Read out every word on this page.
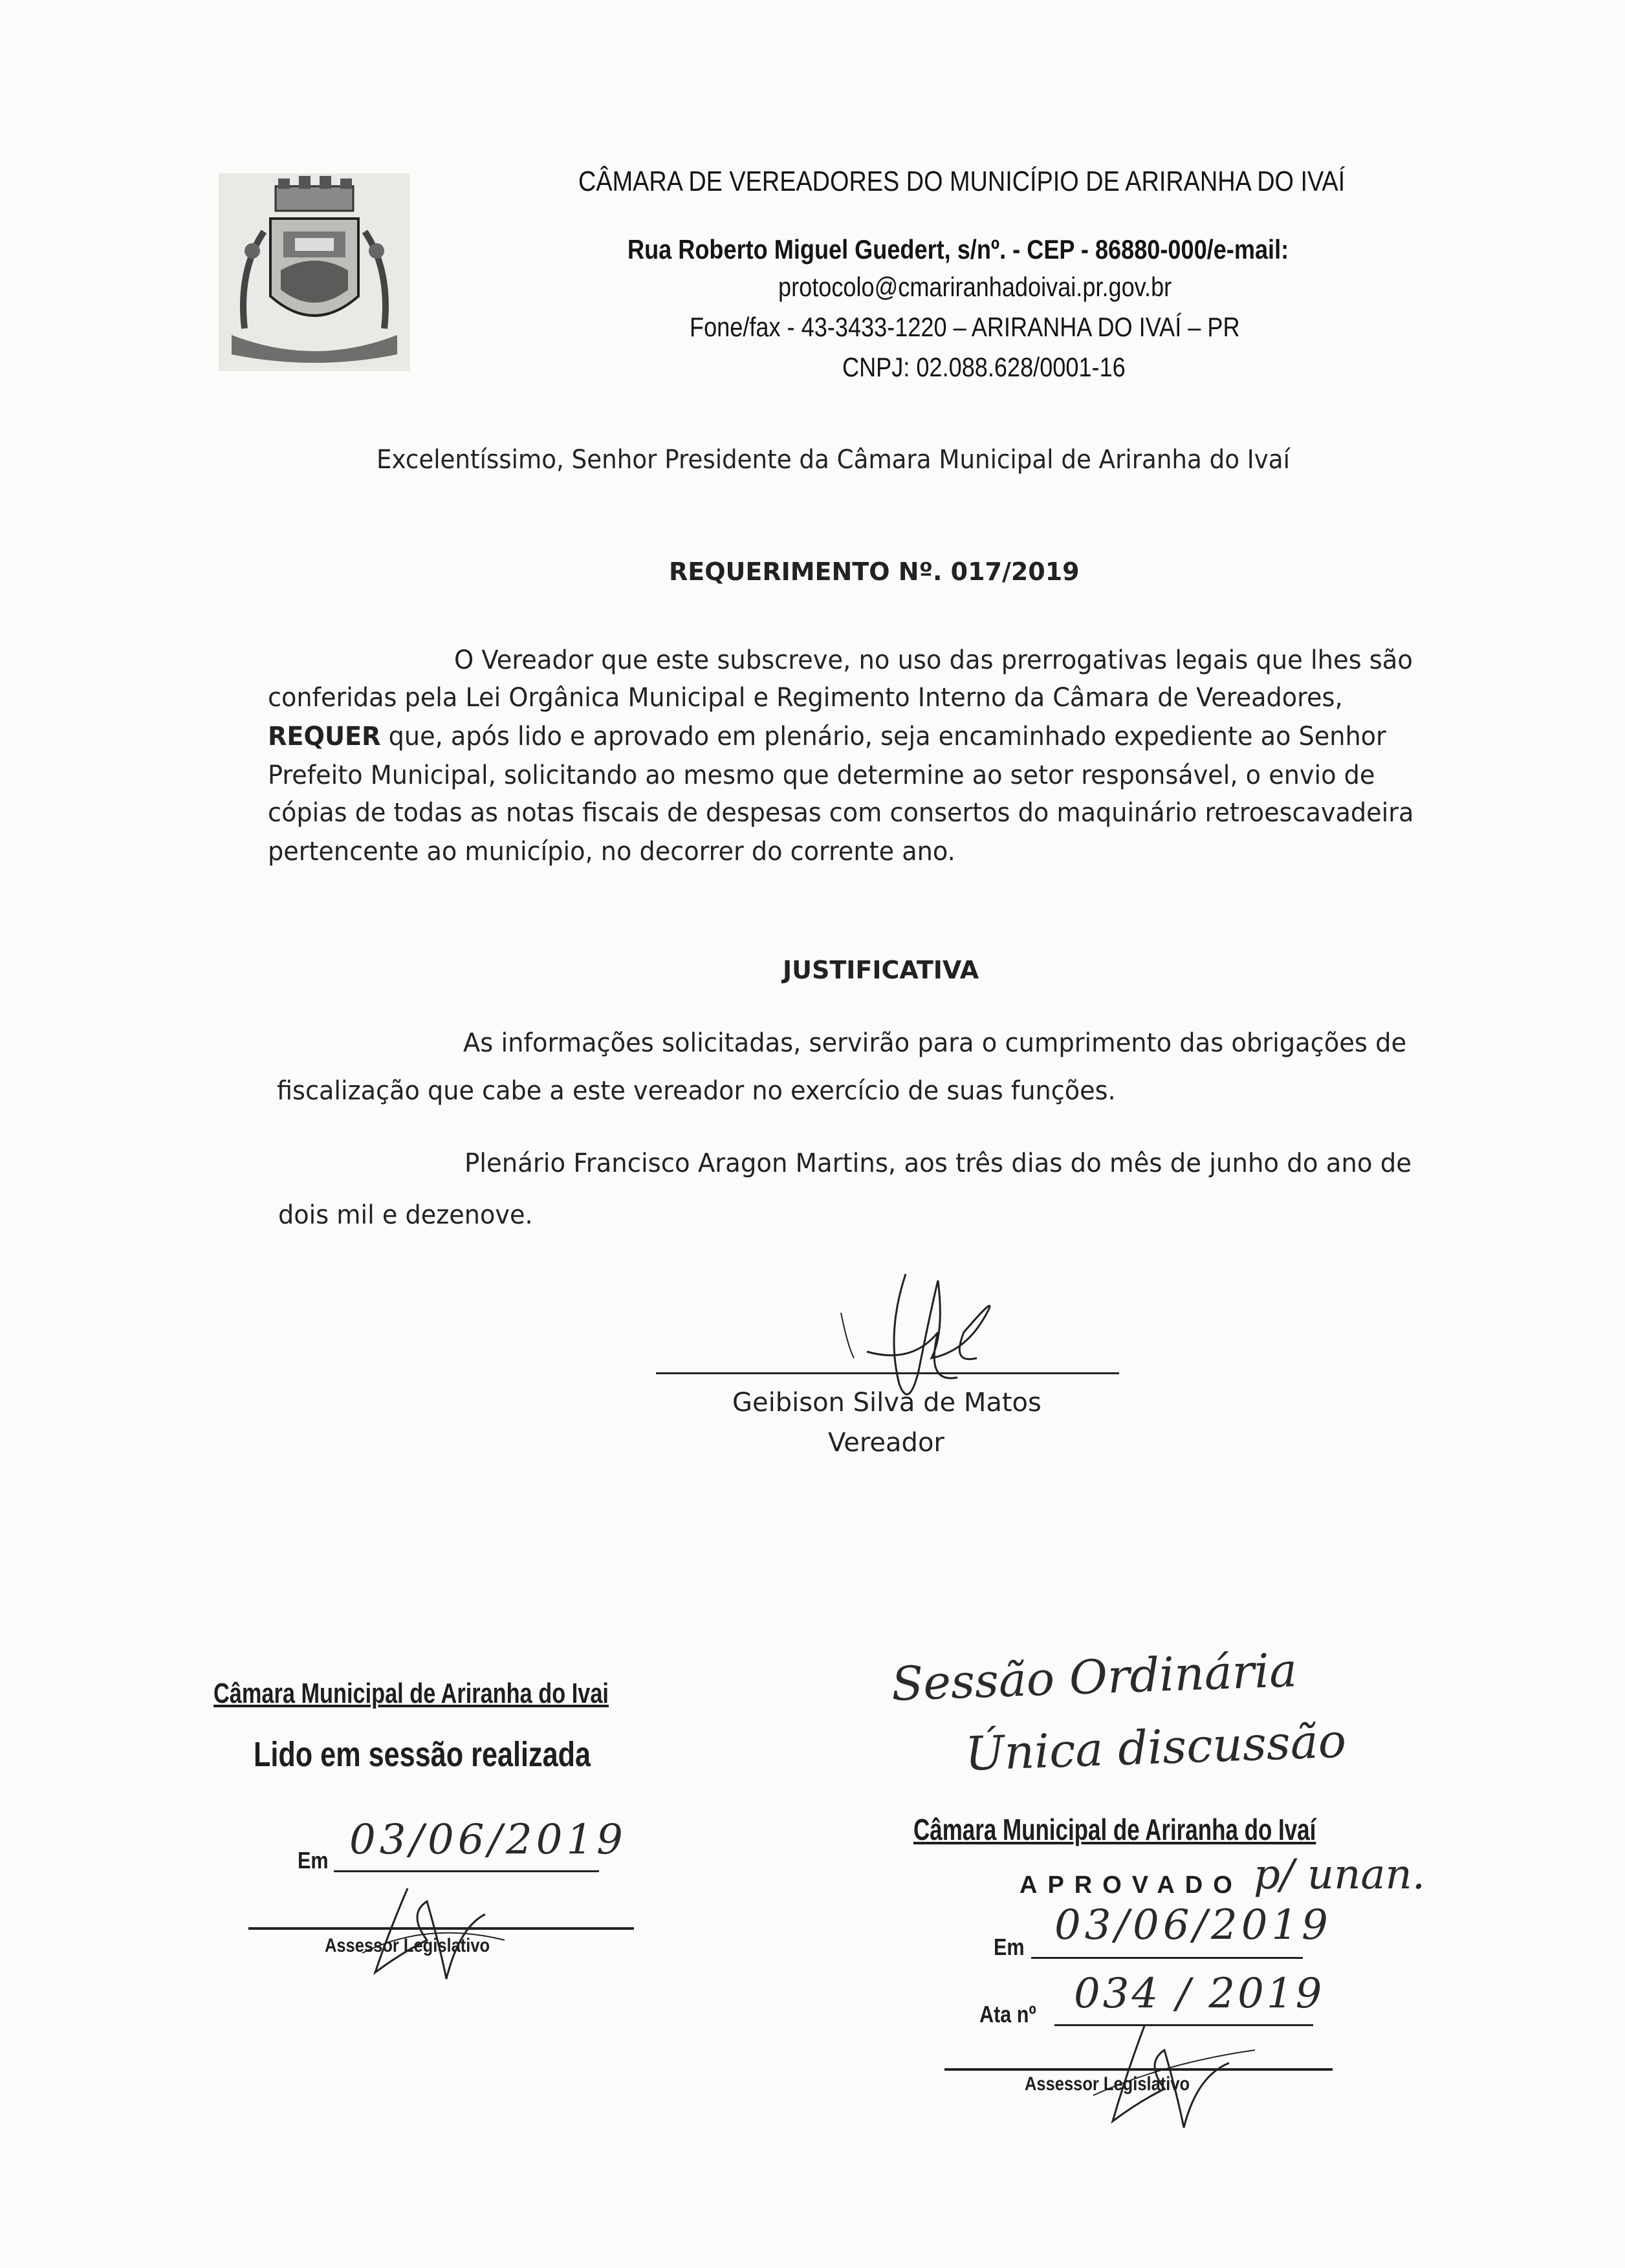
CÂMARA DE VEREADORES DO MUNICÍPIO DE ARIRANHA DO IVAÍ
Rua Roberto Miguel Guedert, s/nº. - CEP - 86880-000/e-mail:
protocolo@cmariranhadoivai.pr.gov.br
Fone/fax - 43-3433-1220 – ARIRANHA DO IVAÍ – PR
CNPJ: 02.088.628/0001-16
Excelentíssimo, Senhor Presidente da Câmara Municipal de Ariranha do Ivaí
REQUERIMENTO Nº. 017/2019
O Vereador que este subscreve, no uso das prerrogativas legais que lhes são
conferidas pela Lei Orgânica Municipal e Regimento Interno da Câmara de Vereadores,
REQUER que, após lido e aprovado em plenário, seja encaminhado expediente ao Senhor
Prefeito Municipal, solicitando ao mesmo que determine ao setor responsável, o envio de
cópias de todas as notas fiscais de despesas com consertos do maquinário retroescavadeira
pertencente ao município, no decorrer do corrente ano.
JUSTIFICATIVA
As informações solicitadas, servirão para o cumprimento das obrigações de
fiscalização que cabe a este vereador no exercício de suas funções.
Plenário Francisco Aragon Martins, aos três dias do mês de junho do ano de
dois mil e dezenove.
Geibison Silva de Matos
Vereador
Câmara Municipal de Ariranha do Ivai
Lido em sessão realizada
Em 03/06/2019
Assessor Legislativo
Sessão Ordinária
Única discussão
Câmara Municipal de Ariranha do Ivaí
APROVADO p/ unan.
Em 03/06/2019
Ata nº 034 / 2019
Assessor Legislativo
